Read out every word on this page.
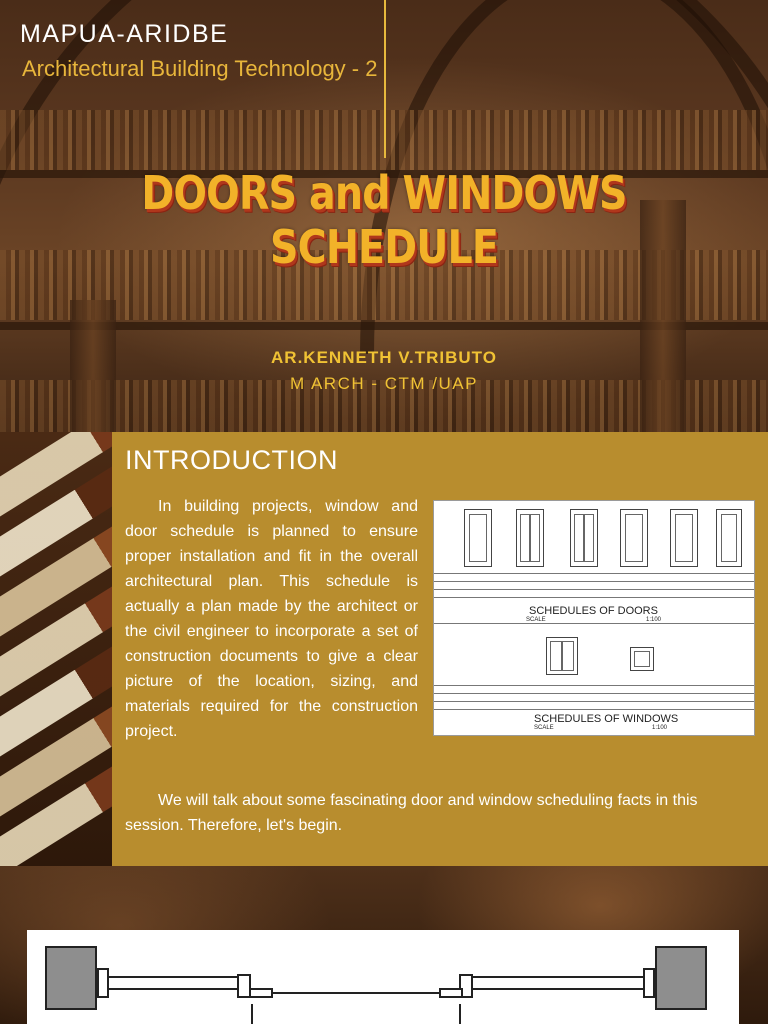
MAPUA-ARIDBE
Architectural Building Technology - 2
DOORS and WINDOWS SCHEDULE
AR.KENNETH V.TRIBUTO
M ARCH - CTM /UAP
INTRODUCTION

In building projects, window and door schedule is planned to ensure proper installation and fit in the overall architectural plan. This schedule is actually a plan made by the architect or the civil engineer to incorporate a set of construction documents to give a clear picture of the location, sizing, and materials required for the construction project.

We will talk about some fascinating door and window scheduling facts in this session. Therefore, let's begin.

SCHEDULES OF DOORS
SCALE	1:100
SCHEDULES OF WINDOWS
SCALE	1:100
